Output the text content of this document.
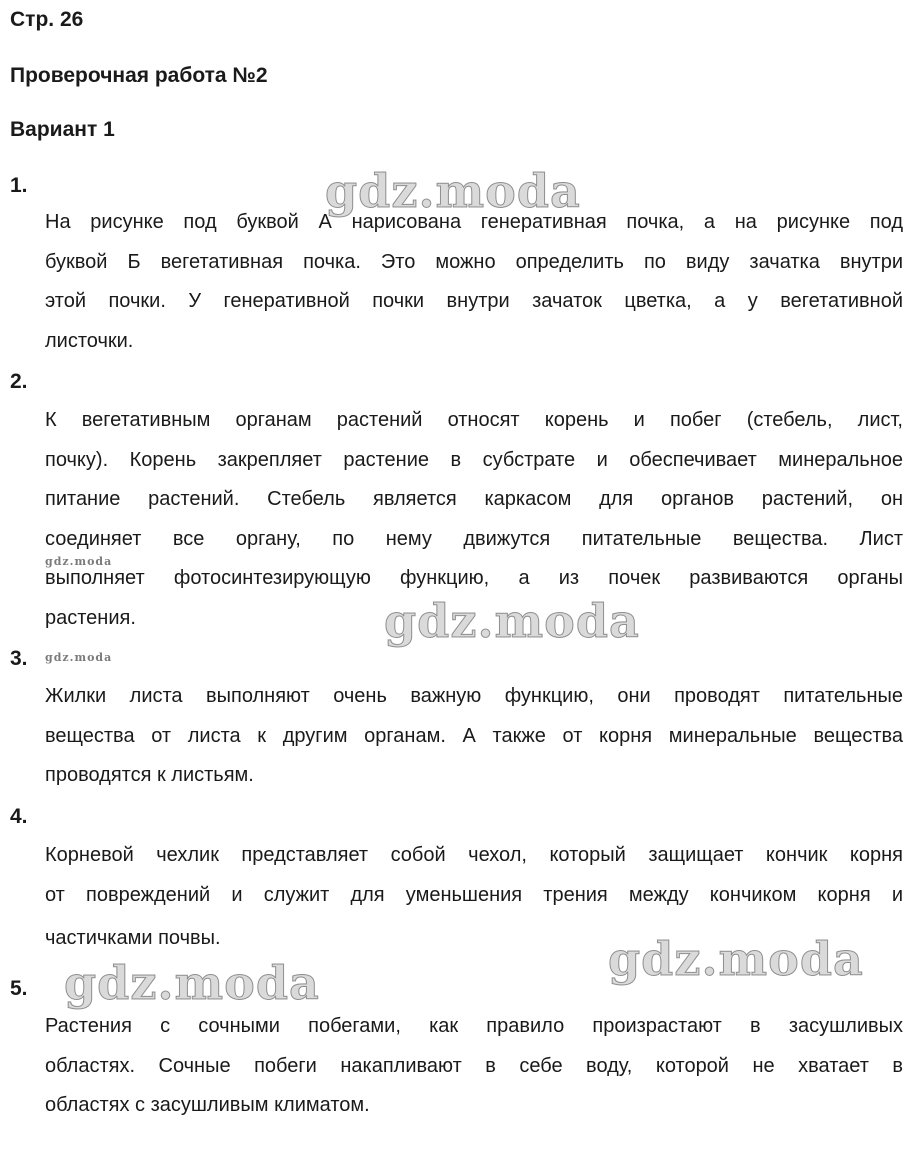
Стр. 26

Проверочная работа №2

Вариант 1

1.

На рисунке под буквой А нарисована генеративная почка, а на рисунке под
буквой Б вегетативная почка. Это можно определить по виду зачатка внутри
этой почки. У генеративной почки внутри зачаток цветка, а у вегетативной
листочки.

2.

К вегетативным органам растений относят корень и побег (стебель, лист,
почку). Корень закрепляет растение в субстрате и обеспечивает минеральное
питание растений. Стебель является каркасом для органов растений, он
соединяет все органу, по нему движутся питательные вещества. Лист
выполняет фотосинтезирующую функцию, а из почек развиваются органы
растения.

3.

Жилки листа выполняют очень важную функцию, они проводят питательные
вещества от листа к другим органам. А также от корня минеральные вещества
проводятся к листьям.

4.

Корневой чехлик представляет собой чехол, который защищает кончик корня
от повреждений и служит для уменьшения трения между кончиком корня и
частичками почвы.

5.

Растения с сочными побегами, как правило произрастают в засушливых
областях. Сочные побеги накапливают в себе воду, которой не хватает в
областях с засушливым климатом.

gdz.moda

gdz.moda

gdz.moda

gdz.moda

gdz.moda

gdz.moda
